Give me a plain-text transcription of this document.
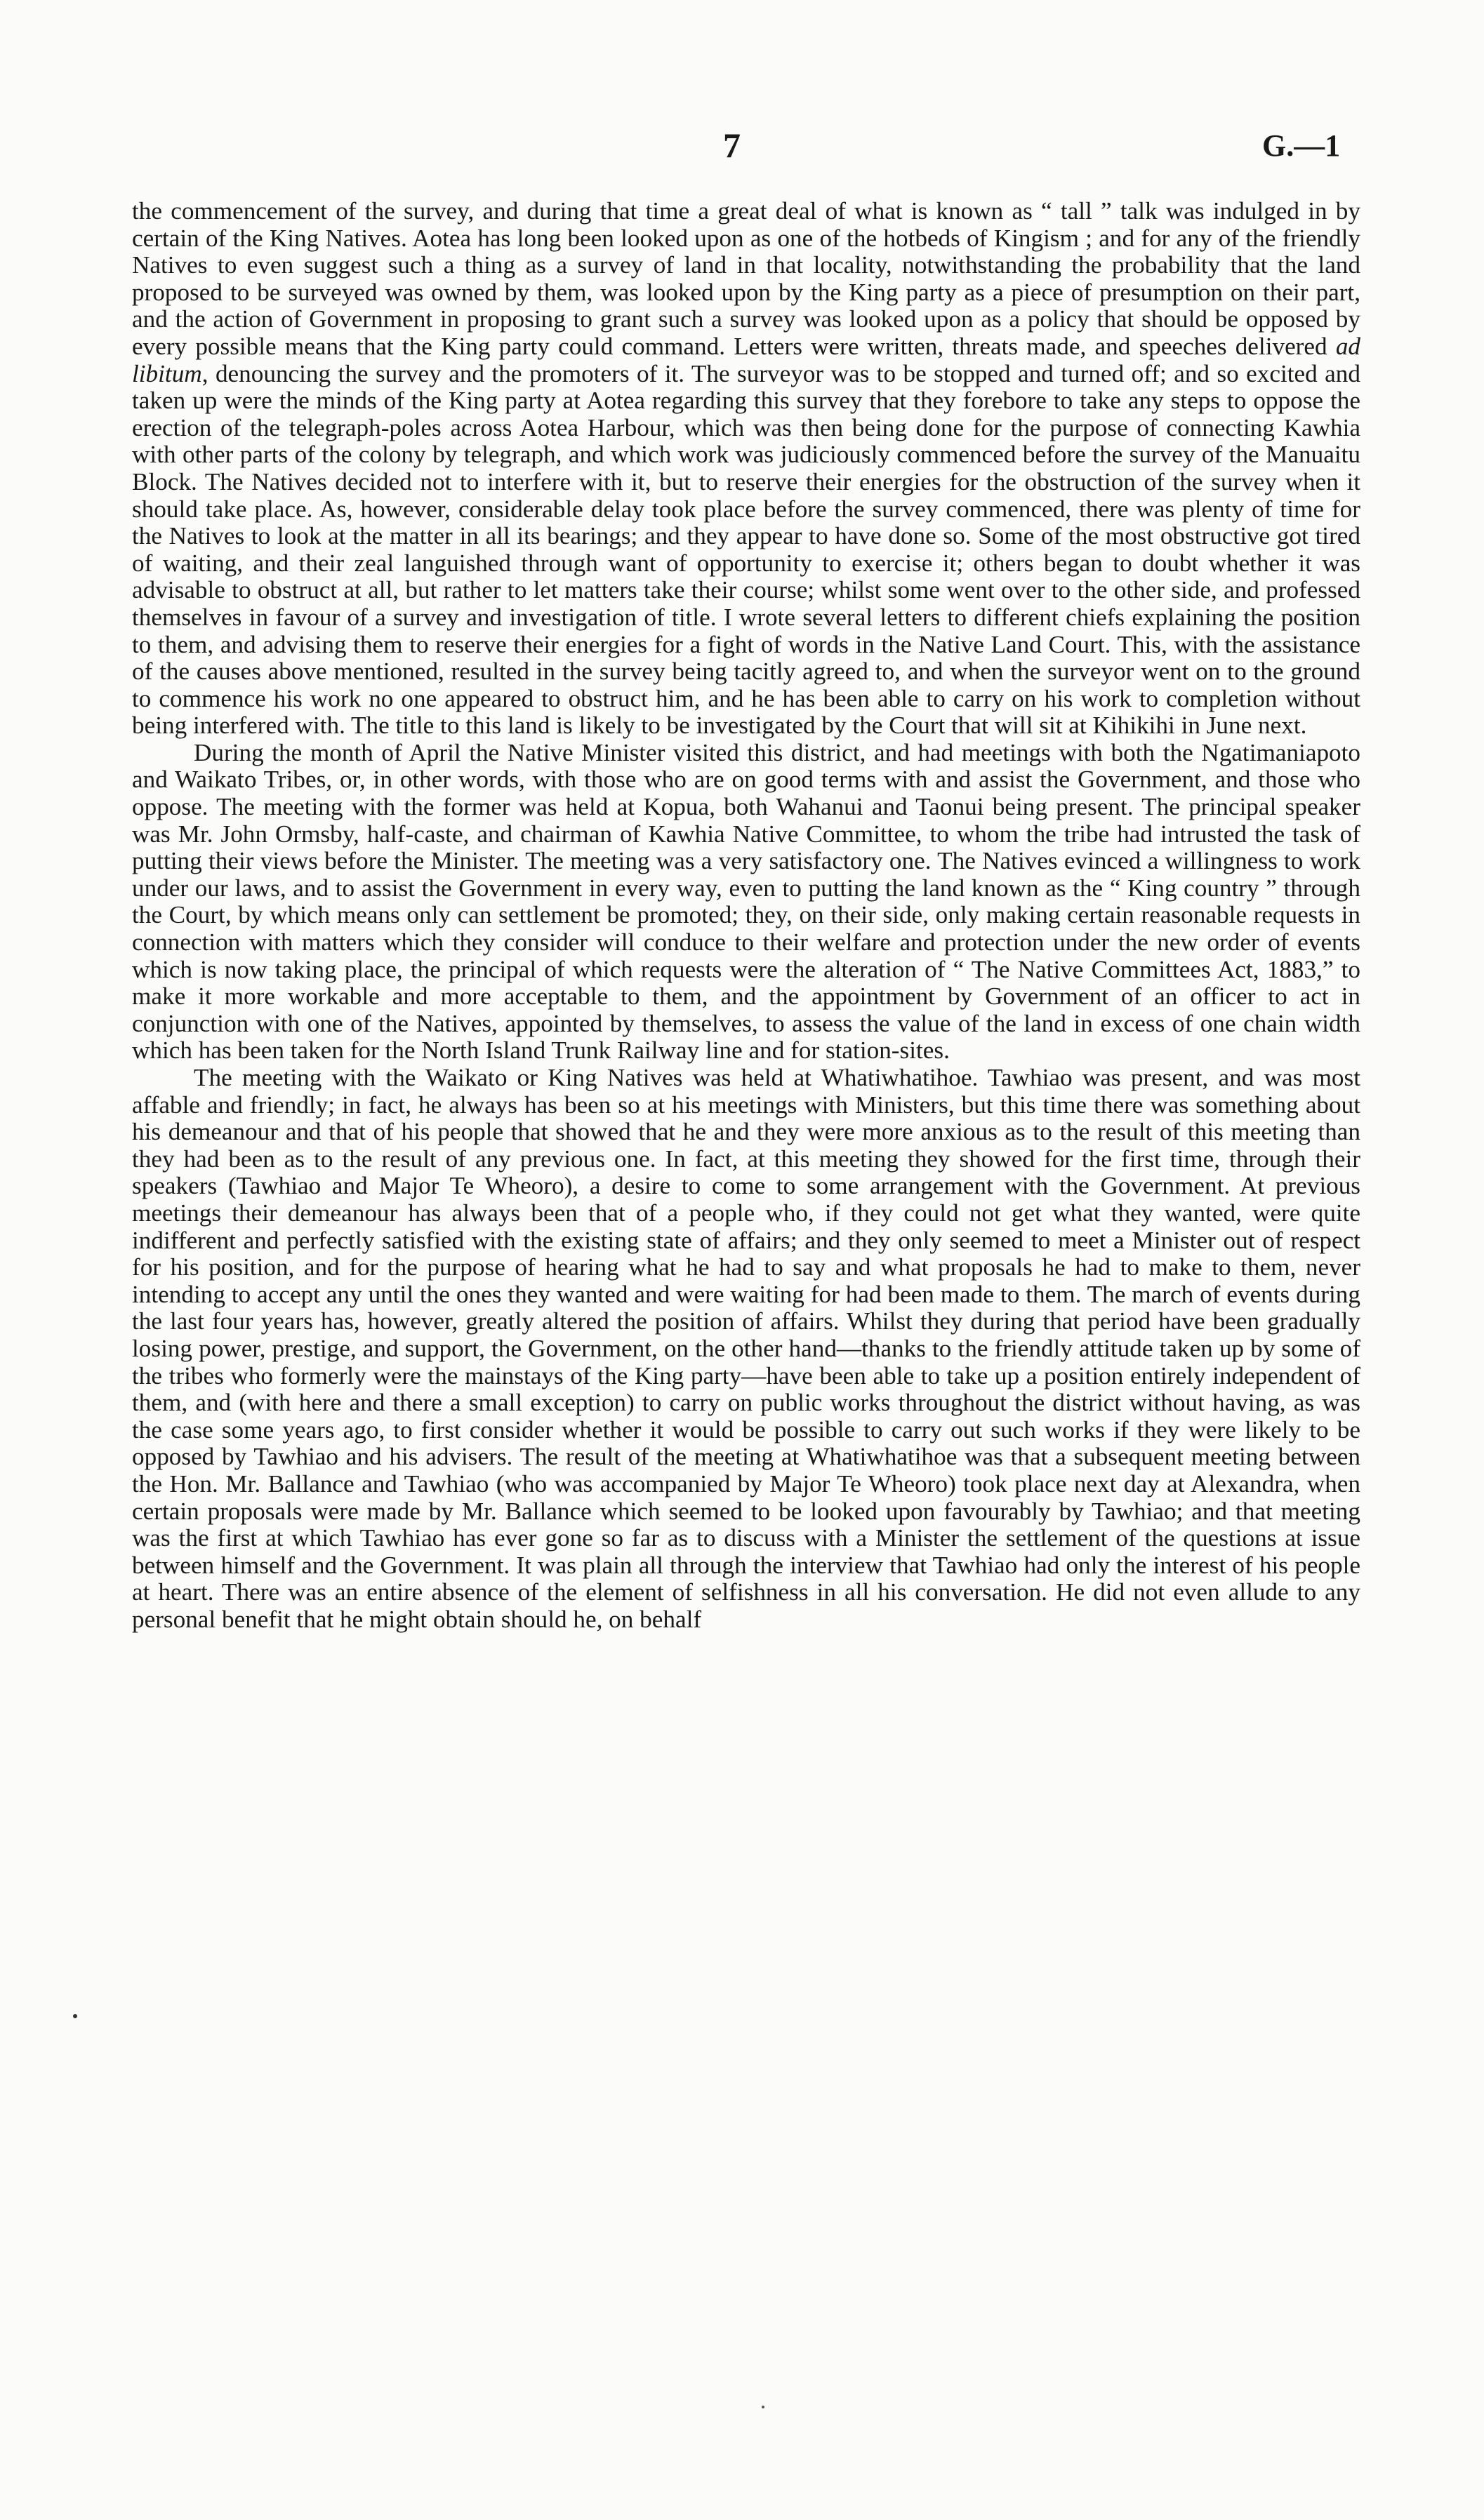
7	G.—1

the commencement of the survey, and during that time a great deal of what is known as “ tall ” talk was indulged in by certain of the King Natives. Aotea has long been looked upon as one of the hotbeds of Kingism ; and for any of the friendly Natives to even suggest such a thing as a survey of land in that locality, notwithstanding the probability that the land proposed to be surveyed was owned by them, was looked upon by the King party as a piece of presumption on their part, and the action of Government in proposing to grant such a survey was looked upon as a policy that should be opposed by every possible means that the King party could command. Letters were written, threats made, and speeches delivered ad libitum, denouncing the survey and the promoters of it. The surveyor was to be stopped and turned off; and so excited and taken up were the minds of the King party at Aotea regarding this survey that they forebore to take any steps to oppose the erection of the telegraph-poles across Aotea Harbour, which was then being done for the purpose of connecting Kawhia with other parts of the colony by telegraph, and which work was judiciously commenced before the survey of the Manuaitu Block. The Natives decided not to interfere with it, but to reserve their energies for the obstruction of the survey when it should take place. As, however, considerable delay took place before the survey commenced, there was plenty of time for the Natives to look at the matter in all its bearings; and they appear to have done so. Some of the most obstructive got tired of waiting, and their zeal languished through want of opportunity to exercise it; others began to doubt whether it was advisable to obstruct at all, but rather to let matters take their course; whilst some went over to the other side, and professed themselves in favour of a survey and investigation of title. I wrote several letters to different chiefs explaining the position to them, and advising them to reserve their energies for a fight of words in the Native Land Court. This, with the assistance of the causes above mentioned, resulted in the survey being tacitly agreed to, and when the surveyor went on to the ground to commence his work no one appeared to obstruct him, and he has been able to carry on his work to completion without being interfered with. The title to this land is likely to be investigated by the Court that will sit at Kihikihi in June next.

During the month of April the Native Minister visited this district, and had meetings with both the Ngatimaniapoto and Waikato Tribes, or, in other words, with those who are on good terms with and assist the Government, and those who oppose. The meeting with the former was held at Kopua, both Wahanui and Taonui being present. The principal speaker was Mr. John Ormsby, half-caste, and chairman of Kawhia Native Committee, to whom the tribe had intrusted the task of putting their views before the Minister. The meeting was a very satisfactory one. The Natives evinced a willingness to work under our laws, and to assist the Government in every way, even to putting the land known as the “ King country ” through the Court, by which means only can settlement be promoted; they, on their side, only making certain reasonable requests in connection with matters which they consider will conduce to their welfare and protection under the new order of events which is now taking place, the principal of which requests were the alteration of “ The Native Committees Act, 1883,” to make it more workable and more acceptable to them, and the appointment by Government of an officer to act in conjunction with one of the Natives, appointed by themselves, to assess the value of the land in excess of one chain width which has been taken for the North Island Trunk Railway line and for station-sites.

The meeting with the Waikato or King Natives was held at Whatiwhatihoe. Tawhiao was present, and was most affable and friendly; in fact, he always has been so at his meetings with Ministers, but this time there was something about his demeanour and that of his people that showed that he and they were more anxious as to the result of this meeting than they had been as to the result of any previous one. In fact, at this meeting they showed for the first time, through their speakers (Tawhiao and Major Te Wheoro), a desire to come to some arrangement with the Government. At previous meetings their demeanour has always been that of a people who, if they could not get what they wanted, were quite indifferent and perfectly satisfied with the existing state of affairs; and they only seemed to meet a Minister out of respect for his position, and for the purpose of hearing what he had to say and what proposals he had to make to them, never intending to accept any until the ones they wanted and were waiting for had been made to them. The march of events during the last four years has, however, greatly altered the position of affairs. Whilst they during that period have been gradually losing power, prestige, and support, the Government, on the other hand—thanks to the friendly attitude taken up by some of the tribes who formerly were the mainstays of the King party—have been able to take up a position entirely independent of them, and (with here and there a small exception) to carry on public works throughout the district without having, as was the case some years ago, to first consider whether it would be possible to carry out such works if they were likely to be opposed by Tawhiao and his advisers. The result of the meeting at Whatiwhatihoe was that a subsequent meeting between the Hon. Mr. Ballance and Tawhiao (who was accompanied by Major Te Wheoro) took place next day at Alexandra, when certain proposals were made by Mr. Ballance which seemed to be looked upon favourably by Tawhiao; and that meeting was the first at which Tawhiao has ever gone so far as to discuss with a Minister the settlement of the questions at issue between himself and the Government. It was plain all through the interview that Tawhiao had only the interest of his people at heart. There was an entire absence of the element of selfishness in all his conversation. He did not even allude to any personal benefit that he might obtain should he, on behalf
